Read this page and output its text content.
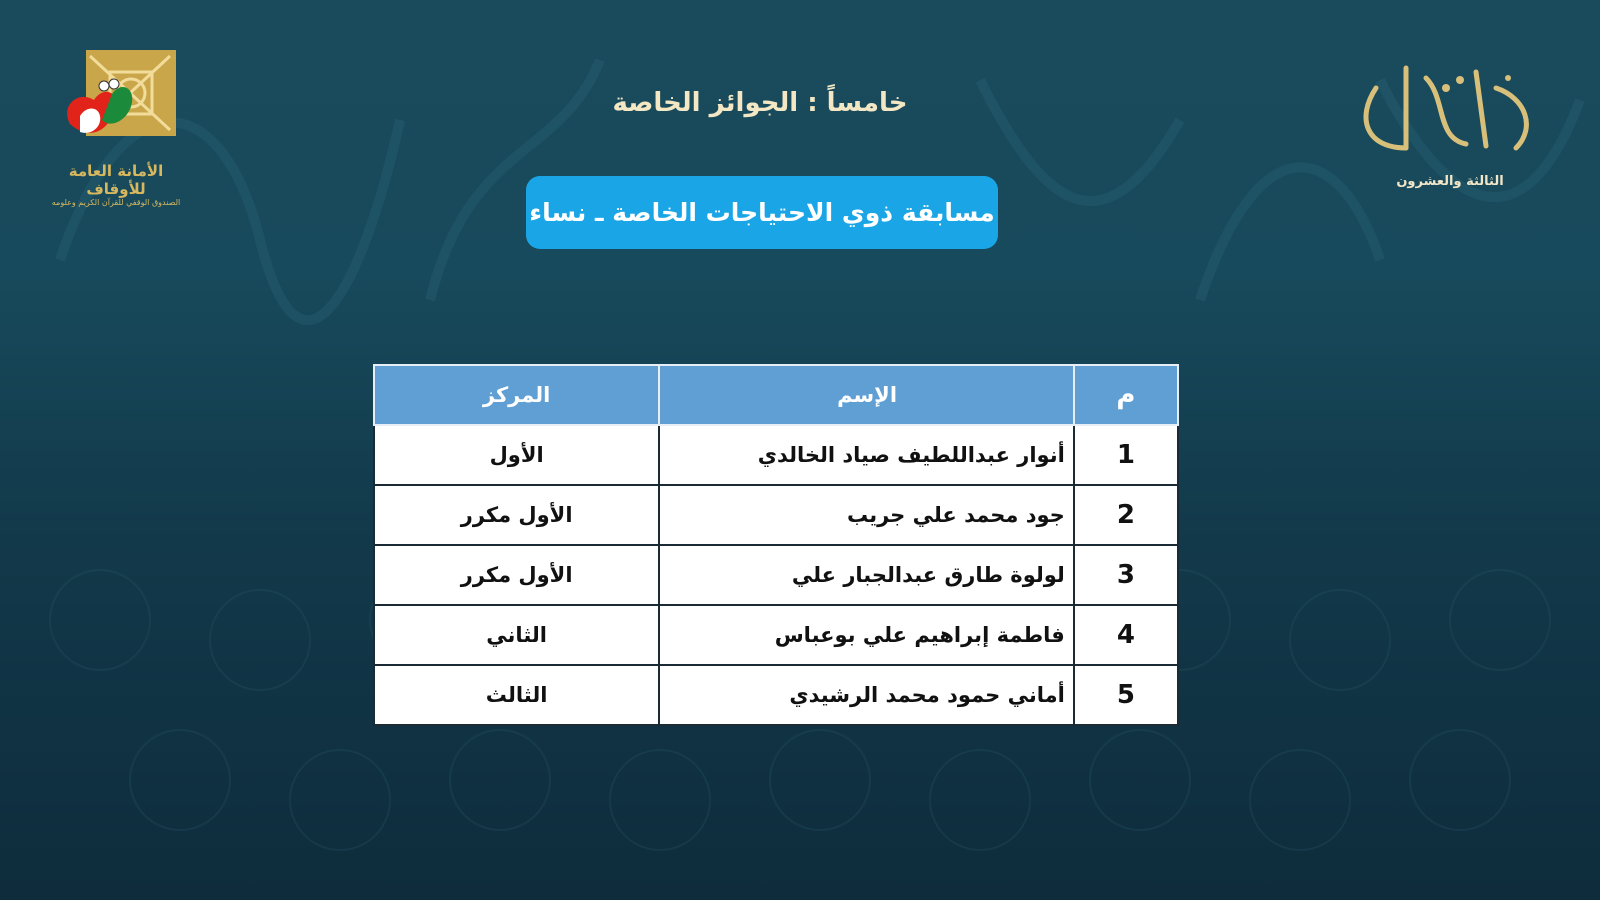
الأمانة العامة للأوقاف
الصندوق الوقفي للقرآن الكريم وعلومه
الثالثة والعشرون
خامساً : الجوائز الخاصة
مسابقة ذوي الاحتياجات الخاصة ـ نساء
م	الإسم	المركز
1	أنوار عبداللطيف صياد الخالدي	الأول
2	جود محمد علي جريب	الأول مكرر
3	لولوة طارق عبدالجبار علي	الأول مكرر
4	فاطمة إبراهيم علي بوعباس	الثاني
5	أماني حمود محمد الرشيدي	الثالث
